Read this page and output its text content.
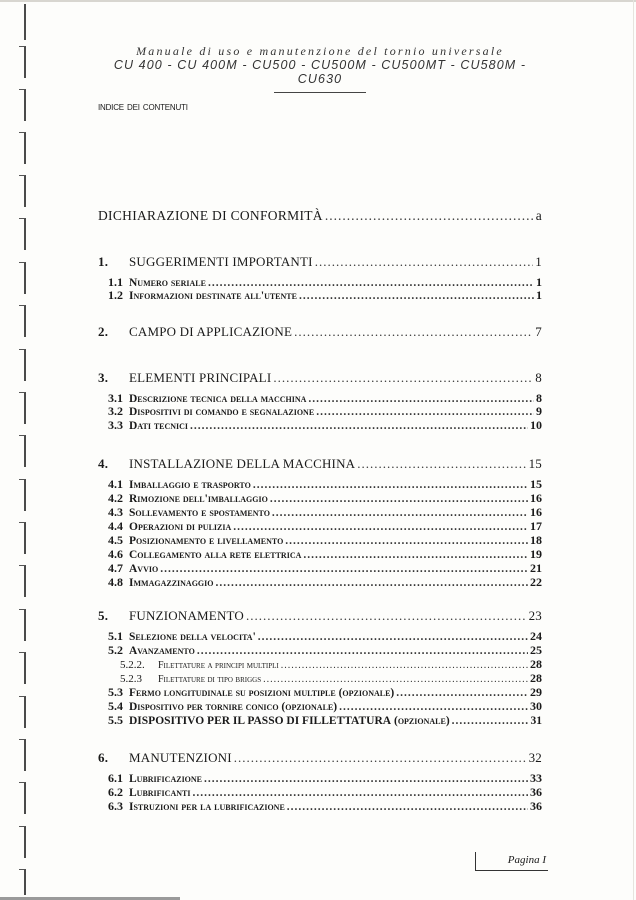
Manuale di uso e manutenzione del tornio universale
CU 400 - CU 400M - CU500 - CU500M - CU500MT - CU580M - CU630
indice dei contenuti
DICHIARAZIONE DI CONFORMITÀ .....	a
1.	SUGGERIMENTI IMPORTANTI .....	1
1.1 Numero seriale .....	1
1.2 Informazioni destinate all'utente .....	1
2.	CAMPO DI APPLICAZIONE .....	7
3.	ELEMENTI PRINCIPALI .....	8
3.1 Descrizione tecnica della macchina .....	8
3.2 Dispositivi di comando e segnalazione .....	9
3.3 Dati tecnici .....	10
4.	INSTALLAZIONE DELLA MACCHINA .....	15
4.1 Imballaggio e trasporto .....	15
4.2 Rimozione dell'imballaggio .....	16
4.3 Sollevamento e spostamento .....	16
4.4 Operazioni di pulizia .....	17
4.5 Posizionamento e livellamento .....	18
4.6 Collegamento alla rete elettrica .....	19
4.7 Avvio .....	21
4.8 Immagazzinaggio .....	22
5.	FUNZIONAMENTO .....	23
5.1 Selezione della velocita' .....	24
5.2 Avanzamento .....	25
5.2.2.	Filettature a principi multipli .....	28
5.2.3	Filettature di tipo briggs .....	28
5.3 Fermo longitudinale su posizioni multiple (opzionale) .....	29
5.4 Dispositivo per tornire conico (opzionale) .....	30
5.5 DISPOSITIVO PER IL PASSO DI FILLETTATURA
(opzionale) .....	31
6.	MANUTENZIONI .....	32
6.1 Lubrificazione .....	33
6.2 Lubrificanti .....	36
6.3 Istruzioni per la lubrificazione .....	36
Pagina I
